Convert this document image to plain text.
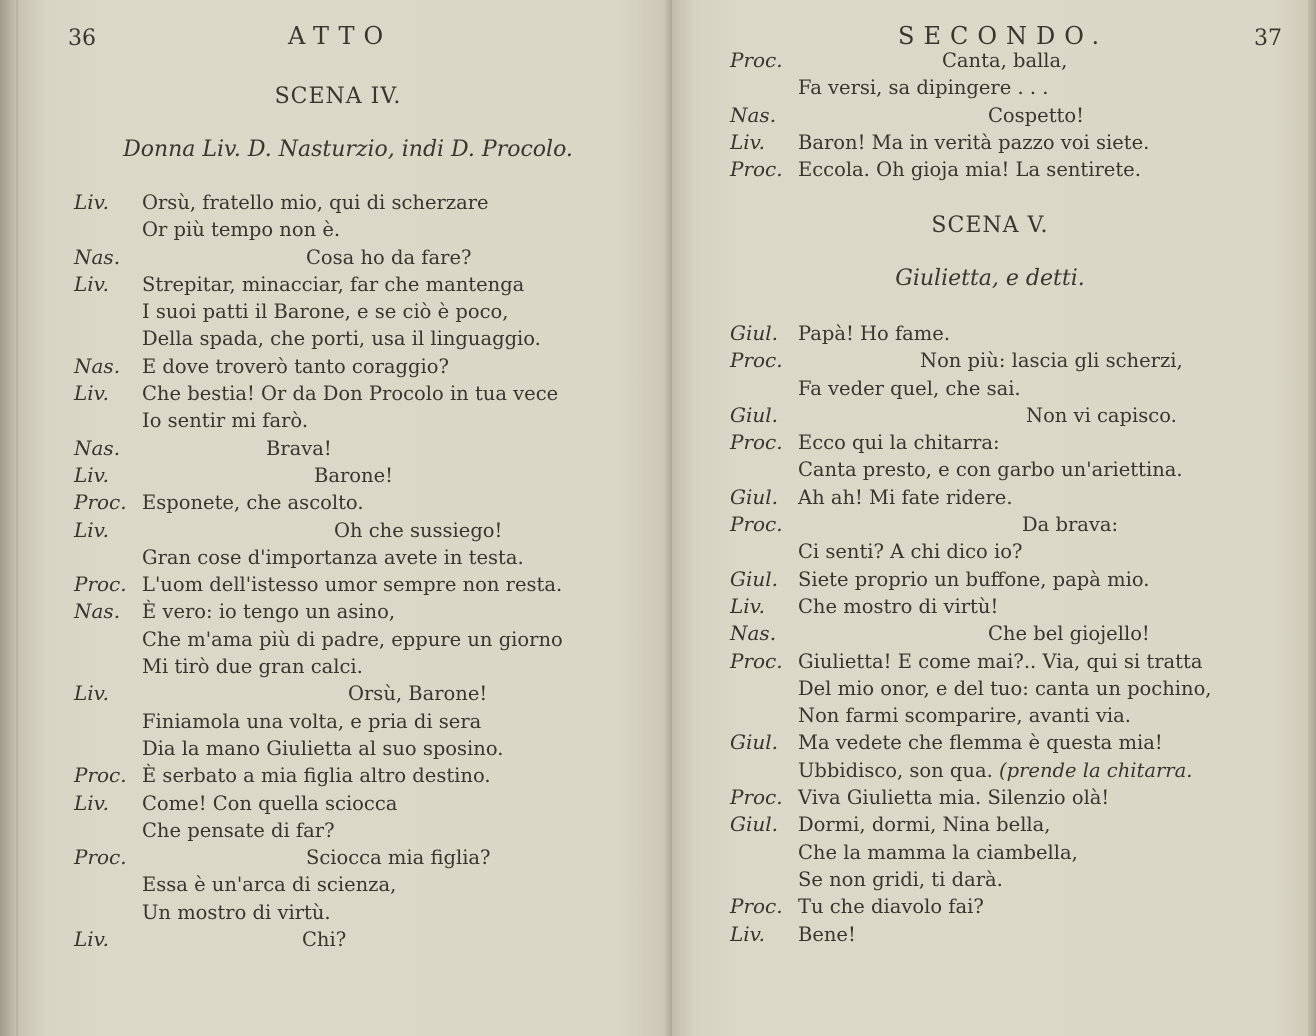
36	ATTO
SCENA IV.
Donna Liv. D. Nasturzio, indi D. Procolo.
Liv. Orsù, fratello mio, qui di scherzare
Or più tempo non è.
Nas.	Cosa ho da fare?
Liv. Strepitar, minacciar, far che mantenga
I suoi patti il Barone, e se ciò è poco,
Della spada, che porti, usa il linguaggio.
Nas. E dove troverò tanto coraggio?
Liv. Che bestia! Or da Don Procolo in tua vece
Io sentir mi farò.
Nas.	Brava!
Liv.	Barone!
Proc. Esponete, che ascolto.
Liv.	Oh che sussiego!
Gran cose d'importanza avete in testa.
Proc. L'uom dell'istesso umor sempre non resta.
Nas. È vero: io tengo un asino,
Che m'ama più di padre, eppure un giorno
Mi tirò due gran calci.
Liv.	Orsù, Barone!
Finiamola una volta, e pria di sera
Dia la mano Giulietta al suo sposino.
Proc. È serbato a mia figlia altro destino.
Liv. Come! Con quella sciocca
Che pensate di far?
Proc.	Sciocca mia figlia?
Essa è un'arca di scienza,
Un mostro di virtù.
Liv.	Chi?
SECONDO.	37
Proc.	Canta, balla,
Fa versi, sa dipingere . . .
Nas.	Cospetto!
Liv. Baron! Ma in verità pazzo voi siete.
Proc. Eccola. Oh gioja mia! La sentirete.
SCENA V.
Giulietta, e detti.
Giul. Papà! Ho fame.
Proc.	Non più: lascia gli scherzi,
Fa veder quel, che sai.
Giul.	Non vi capisco.
Proc. Ecco qui la chitarra:
Canta presto, e con garbo un'ariettina.
Giul. Ah ah! Mi fate ridere.
Proc.	Da brava:
Ci senti? A chi dico io?
Giul. Siete proprio un buffone, papà mio.
Liv. Che mostro di virtù!
Nas.	Che bel giojello!
Proc. Giulietta! E come mai?.. Via, qui si tratta
Del mio onor, e del tuo: canta un pochino,
Non farmi scomparire, avanti via.
Giul. Ma vedete che flemma è questa mia!
Ubbidisco, son qua. (prende la chitarra.
Proc. Viva Giulietta mia. Silenzio olà!
Giul. Dormi, dormi, Nina bella,
Che la mamma la ciambella,
Se non gridi, ti darà.
Proc. Tu che diavolo fai?
Liv. Bene!
